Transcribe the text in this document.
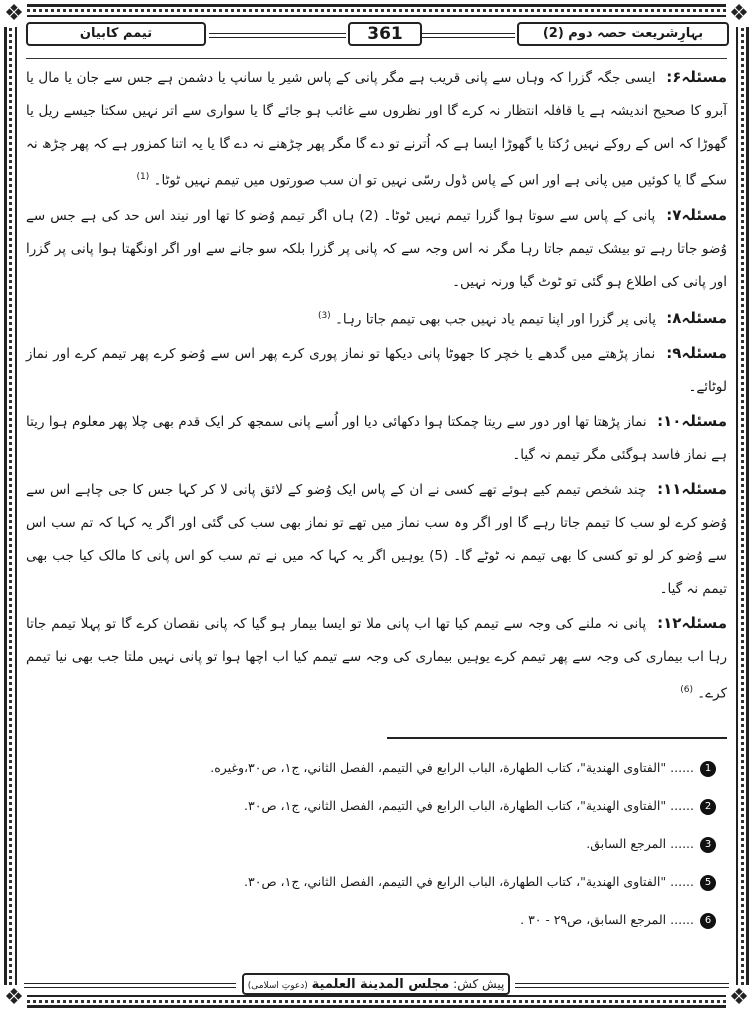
❖	❖
❖	❖
بہارِشریعت حصہ دوم (2)
361
تیمم کابیان

مسئلہ۶: ایسی جگہ گزرا کہ وہاں سے پانی قریب ہے مگر پانی کے پاس شیر یا سانپ یا دشمن ہے جس سے جان یا مال یا آبرو کا صحیح اندیشہ ہے یا قافلہ انتظار نہ کرے گا اور نظروں سے غائب ہو جائے گا یا سواری سے اتر نہیں سکتا جیسے ریل یا گھوڑا کہ اس کے روکے نہیں رُکتا یا گھوڑا ایسا ہے کہ اُترنے تو دے گا مگر پھر چڑھنے نہ دے گا یا یہ اتنا کمزور ہے کہ پھر چڑھ نہ سکے گا یا کوئیں میں پانی ہے اور اس کے پاس ڈول رسّی نہیں تو ان سب صورتوں میں تیمم نہیں ٹوٹا۔ $^{(1)}$

مسئلہ۷: پانی کے پاس سے سوتا ہوا گزرا تیمم نہیں ٹوٹا۔ (2) ہاں اگر تیمم وُضو کا تھا اور نیند اس حد کی ہے جس سے وُضو جاتا رہے تو بیشک تیمم جاتا رہا مگر نہ اس وجہ سے کہ پانی پر گزرا بلکہ سو جانے سے اور اگر اونگھتا ہوا پانی پر گزرا اور پانی کی اطلاع ہو گئی تو ٹوٹ گیا ورنہ نہیں۔

مسئلہ۸: پانی پر گزرا اور اپنا تیمم یاد نہیں جب بھی تیمم جاتا رہا۔ $^{(3)}$

مسئلہ۹: نماز پڑھتے میں گدھے یا خچر کا جھوٹا پانی دیکھا تو نماز پوری کرے پھر اس سے وُضو کرے پھر تیمم کرے اور نماز لوٹائے۔

مسئلہ۱۰: نماز پڑھتا تھا اور دور سے ریتا چمکتا ہوا دکھائی دیا اور اُسے پانی سمجھ کر ایک قدم بھی چلا پھر معلوم ہوا ریتا ہے نماز فاسد ہوگئی مگر تیمم نہ گیا۔

مسئلہ۱۱: چند شخص تیمم کیے ہوئے تھے کسی نے ان کے پاس ایک وُضو کے لائق پانی لا کر کہا جس کا جی چاہے اس سے وُضو کرے لو سب کا تیمم جاتا رہے گا اور اگر وہ سب نماز میں تھے تو نماز بھی سب کی گئی اور اگر یہ کہا کہ تم سب اس سے وُضو کر لو تو کسی کا بھی تیمم نہ ٹوٹے گا۔ (5) یوہیں اگر یہ کہا کہ میں نے تم سب کو اس پانی کا مالک کیا جب بھی تیمم نہ گیا۔

مسئلہ۱۲: پانی نہ ملنے کی وجہ سے تیمم کیا تھا اب پانی ملا تو ایسا بیمار ہو گیا کہ پانی نقصان کرے گا تو پہلا تیمم جاتا رہا اب بیماری کی وجہ سے پھر تیمم کرے یوہیں بیماری کی وجہ سے تیمم کیا اب اچھا ہوا تو پانی نہیں ملتا جب بھی نیا تیمم کرے۔ $^{(6)}$

1......"الفتاوى الهندية"، كتاب الطهارة، الباب الرابع في التيمم، الفصل الثاني، ج١، ص٣٠،وغيره.
2......"الفتاوى الهندية"، كتاب الطهارة، الباب الرابع في التيمم، الفصل الثاني، ج١، ص٣٠.
3......المرجع السابق.
5......"الفتاوى الهندية"، كتاب الطهارة، الباب الرابع في التيمم، الفصل الثاني، ج١، ص٣٠.
6......المرجع السابق، ص٢٩ - ٣٠ .
پیش کش: مجلس المدینة العلمیة (دعوتِ اسلامی)
